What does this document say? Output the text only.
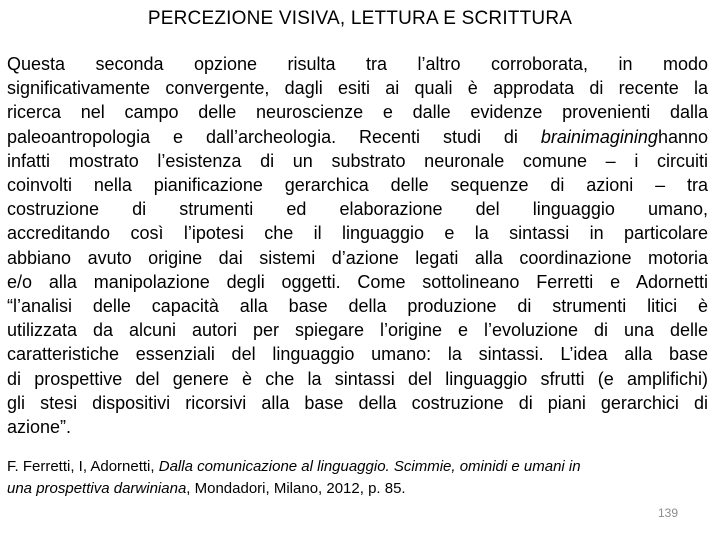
PERCEZIONE VISIVA, LETTURA E SCRITTURA
Questa seconda opzione risulta tra l’altro corroborata, in modo
significativamente convergente, dagli esiti ai quali è approdata di recente la
ricerca nel campo delle neuroscienze e dalle evidenze provenienti dalla
paleoantropologia e dall’archeologia. Recenti studi di brainimagininghanno
infatti mostrato l’esistenza di un substrato neuronale comune – i circuiti
coinvolti nella pianificazione gerarchica delle sequenze di azioni – tra
costruzione di strumenti ed elaborazione del linguaggio umano,
accreditando così l’ipotesi che il linguaggio e la sintassi in particolare
abbiano avuto origine dai sistemi d’azione legati alla coordinazione motoria
e/o alla manipolazione degli oggetti. Come sottolineano Ferretti e Adornetti
“l’analisi delle capacità alla base della produzione di strumenti litici è
utilizzata da alcuni autori per spiegare l’origine e l’evoluzione di una delle
caratteristiche essenziali del linguaggio umano: la sintassi. L’idea alla base
di prospettive del genere è che la sintassi del linguaggio sfrutti (e amplifichi)
gli stesi dispositivi ricorsivi alla base della costruzione di piani gerarchici di
azione”.
F. Ferretti, I, Adornetti, Dalla comunicazione al linguaggio. Scimmie, ominidi e umani in
una prospettiva darwiniana, Mondadori, Milano, 2012, p. 85.
139
